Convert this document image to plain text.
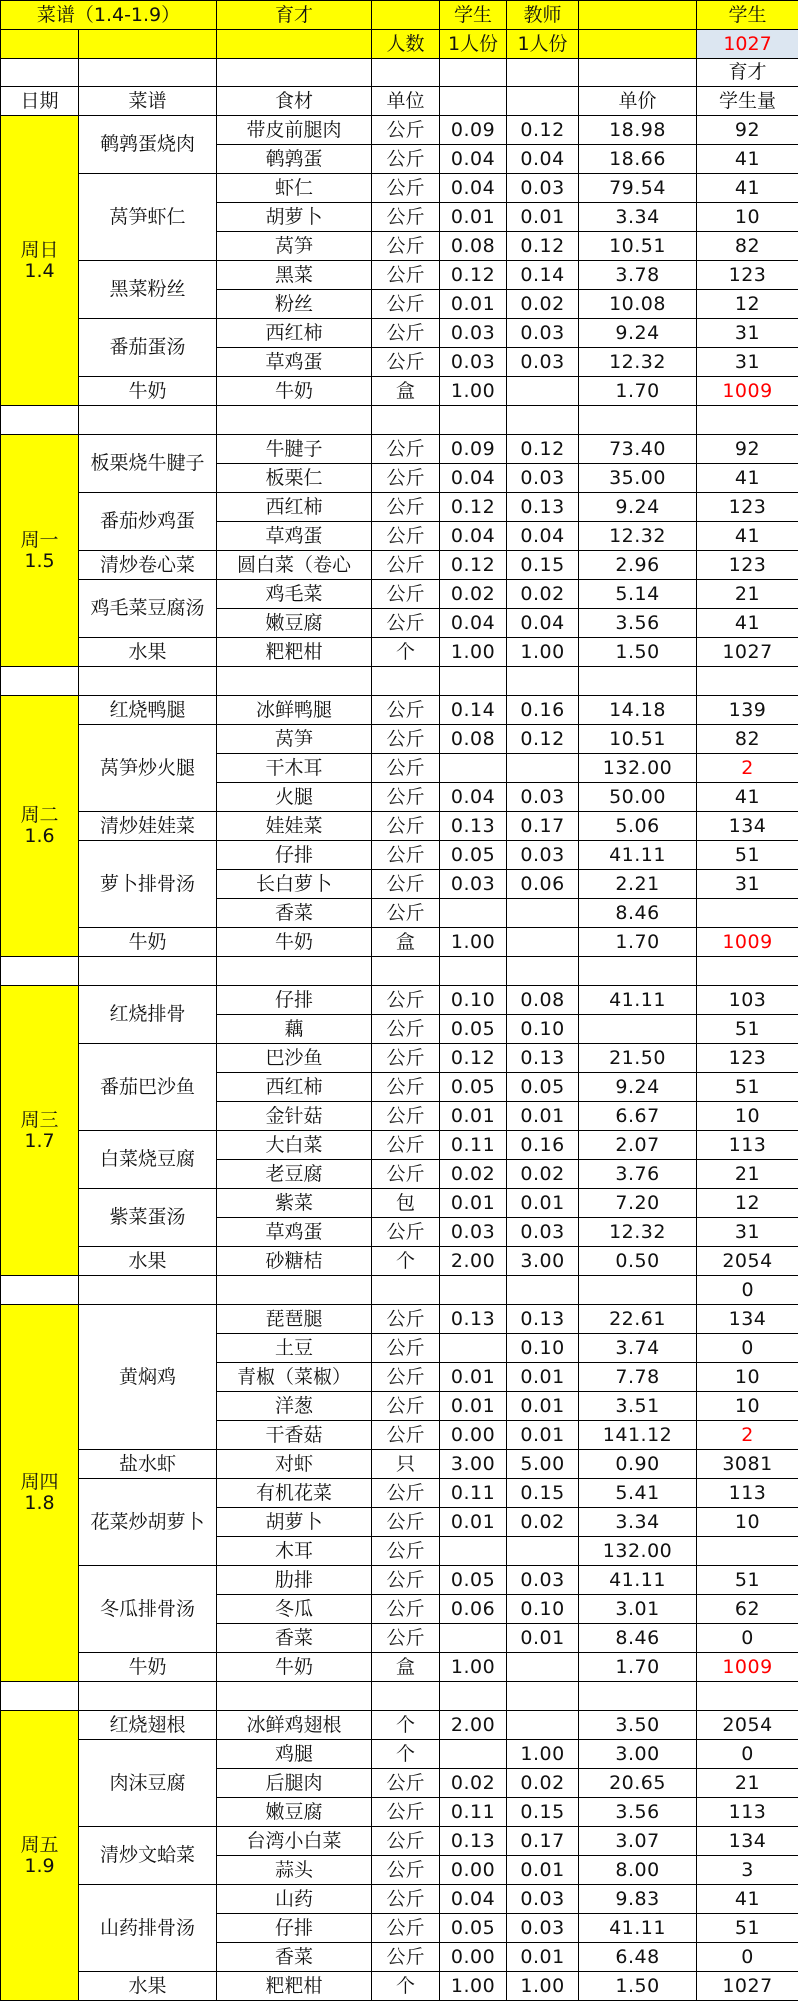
菜谱（1.4-1.9）		育才		学生	教师		学生
			人数	1人份	1人份		1027
							育才
日期	菜谱	食材	单位			单价	学生量

周日
1.4	鹌鹑蛋烧肉	带皮前腿肉	公斤	0.09	0.12	18.98	92
		鹌鹑蛋	公斤	0.04	0.04	18.66	41
	莴笋虾仁	虾仁	公斤	0.04	0.03	79.54	41
		胡萝卜	公斤	0.01	0.01	3.34	10
		莴笋	公斤	0.08	0.12	10.51	82
	黑菜粉丝	黑菜	公斤	0.12	0.14	3.78	123
		粉丝	公斤	0.01	0.02	10.08	12
	番茄蛋汤	西红柿	公斤	0.03	0.03	9.24	31
		草鸡蛋	公斤	0.03	0.03	12.32	31
	牛奶	牛奶	盒	1.00		1.70	1009

周一
1.5	板栗烧牛腱子	牛腱子	公斤	0.09	0.12	73.40	92
		板栗仁	公斤	0.04	0.03	35.00	41
	番茄炒鸡蛋	西红柿	公斤	0.12	0.13	9.24	123
		草鸡蛋	公斤	0.04	0.04	12.32	41
	清炒卷心菜	圆白菜（卷心	公斤	0.12	0.15	2.96	123
	鸡毛菜豆腐汤	鸡毛菜	公斤	0.02	0.02	5.14	21
		嫩豆腐	公斤	0.04	0.04	3.56	41
	水果	粑粑柑	个	1.00	1.00	1.50	1027

周二
1.6	红烧鸭腿	冰鲜鸭腿	公斤	0.14	0.16	14.18	139
	莴笋炒火腿	莴笋	公斤	0.08	0.12	10.51	82
		干木耳	公斤			132.00	2
		火腿	公斤	0.04	0.03	50.00	41
	清炒娃娃菜	娃娃菜	公斤	0.13	0.17	5.06	134
	萝卜排骨汤	仔排	公斤	0.05	0.03	41.11	51
		长白萝卜	公斤	0.03	0.06	2.21	31
		香菜	公斤			8.46	
	牛奶	牛奶	盒	1.00		1.70	1009

周三
1.7	红烧排骨	仔排	公斤	0.10	0.08	41.11	103
		藕	公斤	0.05	0.10		51
	番茄巴沙鱼	巴沙鱼	公斤	0.12	0.13	21.50	123
		西红柿	公斤	0.05	0.05	9.24	51
		金针菇	公斤	0.01	0.01	6.67	10
	白菜烧豆腐	大白菜	公斤	0.11	0.16	2.07	113
		老豆腐	公斤	0.02	0.02	3.76	21
	紫菜蛋汤	紫菜	包	0.01	0.01	7.20	12
		草鸡蛋	公斤	0.03	0.03	12.32	31
	水果	砂糖桔	个	2.00	3.00	0.50	2054
							0

周四
1.8	黄焖鸡	琵琶腿	公斤	0.13	0.13	22.61	134
		土豆	公斤		0.10	3.74	0
		青椒（菜椒）	公斤	0.01	0.01	7.78	10
		洋葱	公斤	0.01	0.01	3.51	10
		干香菇	公斤	0.00	0.01	141.12	2
	盐水虾	对虾	只	3.00	5.00	0.90	3081
	花菜炒胡萝卜	有机花菜	公斤	0.11	0.15	5.41	113
		胡萝卜	公斤	0.01	0.02	3.34	10
		木耳	公斤			132.00	
	冬瓜排骨汤	肋排	公斤	0.05	0.03	41.11	51
		冬瓜	公斤	0.06	0.10	3.01	62
		香菜	公斤		0.01	8.46	0
	牛奶	牛奶	盒	1.00		1.70	1009

周五
1.9	红烧翅根	冰鲜鸡翅根	个	2.00		3.50	2054
	肉沫豆腐	鸡腿	个		1.00	3.00	0
		后腿肉	公斤	0.02	0.02	20.65	21
		嫩豆腐	公斤	0.11	0.15	3.56	113
	清炒文蛤菜	台湾小白菜	公斤	0.13	0.17	3.07	134
		蒜头	公斤	0.00	0.01	8.00	3
	山药排骨汤	山药	公斤	0.04	0.03	9.83	41
		仔排	公斤	0.05	0.03	41.11	51
		香菜	公斤	0.00	0.01	6.48	0
	水果	粑粑柑	个	1.00	1.00	1.50	1027
